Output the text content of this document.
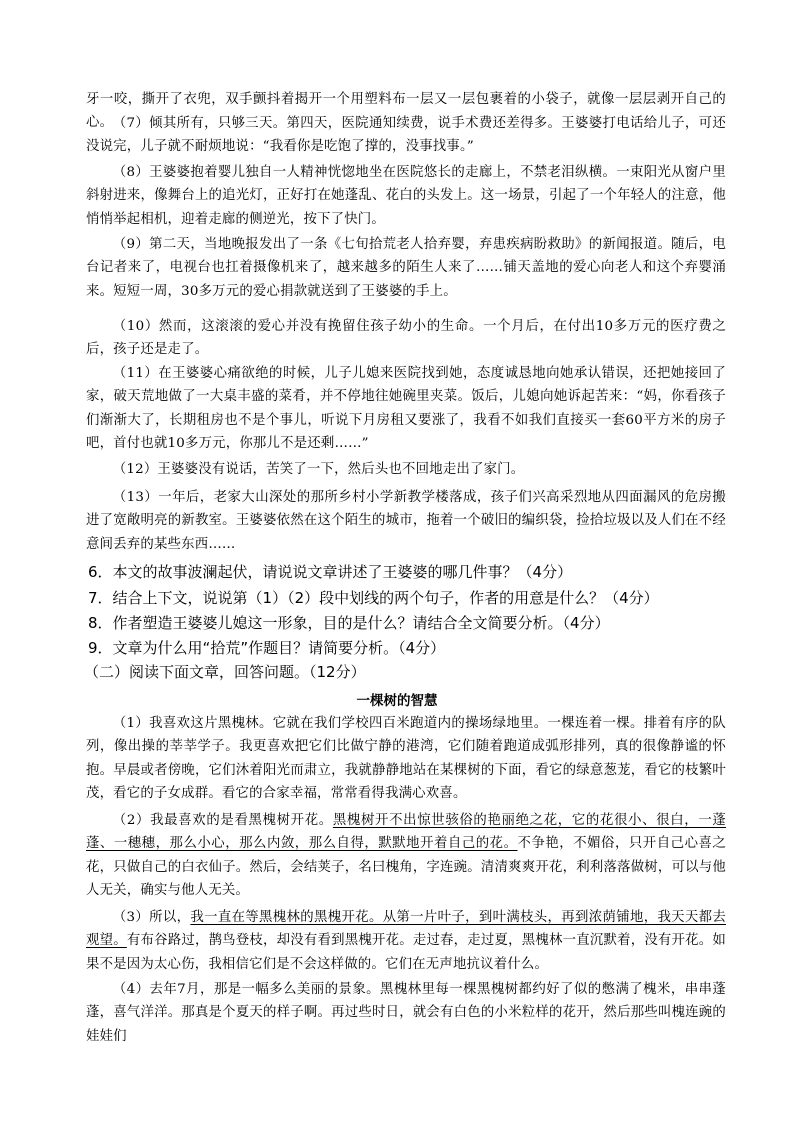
牙一咬，撕开了衣兜，双手颤抖着揭开一个用塑料布一层又一层包裹着的小袋子，就像一层层剥开自己的心。 （7）倾其所有，只够三天。第四天，医院通知续费，说手术费还差得多。王婆婆打电话给儿子，可还没说完，儿子就不耐烦地说：“我看你是吃饱了撑的，没事找事。”
（8）王婆婆抱着婴儿独自一人精神恍惚地坐在医院悠长的走廊上，不禁老泪纵横。一束阳光从窗户里斜射进来，像舞台上的追光灯，正好打在她蓬乱、花白的头发上。这一场景，引起了一个年轻人的注意，他悄悄举起相机，迎着走廊的侧逆光，按下了快门。
（9）第二天，当地晚报发出了一条《七旬拾荒老人拾弃婴，弃患疾病盼救助》的新闻报道。随后，电台记者来了，电视台也扛着摄像机来了，越来越多的陌生人来了……铺天盖地的爱心向老人和这个弃婴涌来。短短一周，30多万元的爱心捐款就送到了王婆婆的手上。
（10）然而，这滚滚的爱心并没有挽留住孩子幼小的生命。一个月后，在付出10多万元的医疗费之后，孩子还是走了。
（11）在王婆婆心痛欲绝的时候，儿子儿媳来医院找到她，态度诚恳地向她承认错误，还把她接回了家，破天荒地做了一大桌丰盛的菜肴，并不停地往她碗里夹菜。饭后，儿媳向她诉起苦来：“妈，你看孩子们渐渐大了，长期租房也不是个事儿，听说下月房租又要涨了，我看不如我们直接买一套60平方米的房子吧，首付也就10多万元，你那儿不是还剩……”
（12）王婆婆没有说话，苦笑了一下，然后头也不回地走出了家门。
（13）一年后，老家大山深处的那所乡村小学新教学楼落成，孩子们兴高采烈地从四面漏风的危房搬进了宽敞明亮的新教室。王婆婆依然在这个陌生的城市，拖着一个破旧的编织袋，捡拾垃圾以及人们在不经意间丢弃的某些东西……
6．本文的故事波澜起伏，请说说文章讲述了王婆婆的哪几件事？（4分）
7．结合上下文，说说第（1）（2）段中划线的两个句子，作者的用意是什么？（4分）
8．作者塑造王婆婆儿媳这一形象，目的是什么？请结合全文简要分析。（4分）
9．文章为什么用“拾荒”作题目？请简要分析。（4分）
（二）阅读下面文章，回答问题。（12分）
一棵树的智慧
（1）我喜欢这片黑槐林。它就在我们学校四百米跑道内的操场绿地里。一棵连着一棵。排着有序的队列，像出操的莘莘学子。我更喜欢把它们比做宁静的港湾，它们随着跑道成弧形排列，真的很像静谧的怀抱。早晨或者傍晚，它们沐着阳光而肃立，我就静静地站在某棵树的下面，看它的绿意葱茏，看它的枝繁叶茂，看它的子女成群。看它的合家幸福，常常看得我满心欢喜。
（2）我最喜欢的是看黑槐树开花。黑槐树开不出惊世骇俗的艳丽绝之花，它的花很小、很白，一蓬蓬、一穗穗，那么小心，那么内敛，那么自得，默默地开着自己的花。不争艳，不媚俗，只开自己心喜之花，只做自己的白衣仙子。然后，会结荚子，名曰槐角，字连豌。清清爽爽开花，利利落落做树，可以与他人无关，确实与他人无关。
（3）所以，我一直在等黑槐林的黑槐开花。从第一片叶子，到叶满枝头，再到浓荫铺地，我天天都去观望。有布谷路过，鹊鸟登枝，却没有看到黑槐开花。走过春，走过夏，黑槐林一直沉默着，没有开花。如果不是因为太心伤，我相信它们是不会这样做的。它们在无声地抗议着什么。
（4）去年7月，那是一幅多么美丽的景象。黑槐林里每一棵黑槐树都约好了似的憋满了槐米，串串蓬蓬，喜气洋洋。那真是个夏天的样子啊。再过些时日，就会有白色的小米粒样的花开，然后那些叫槐连豌的娃娃们
